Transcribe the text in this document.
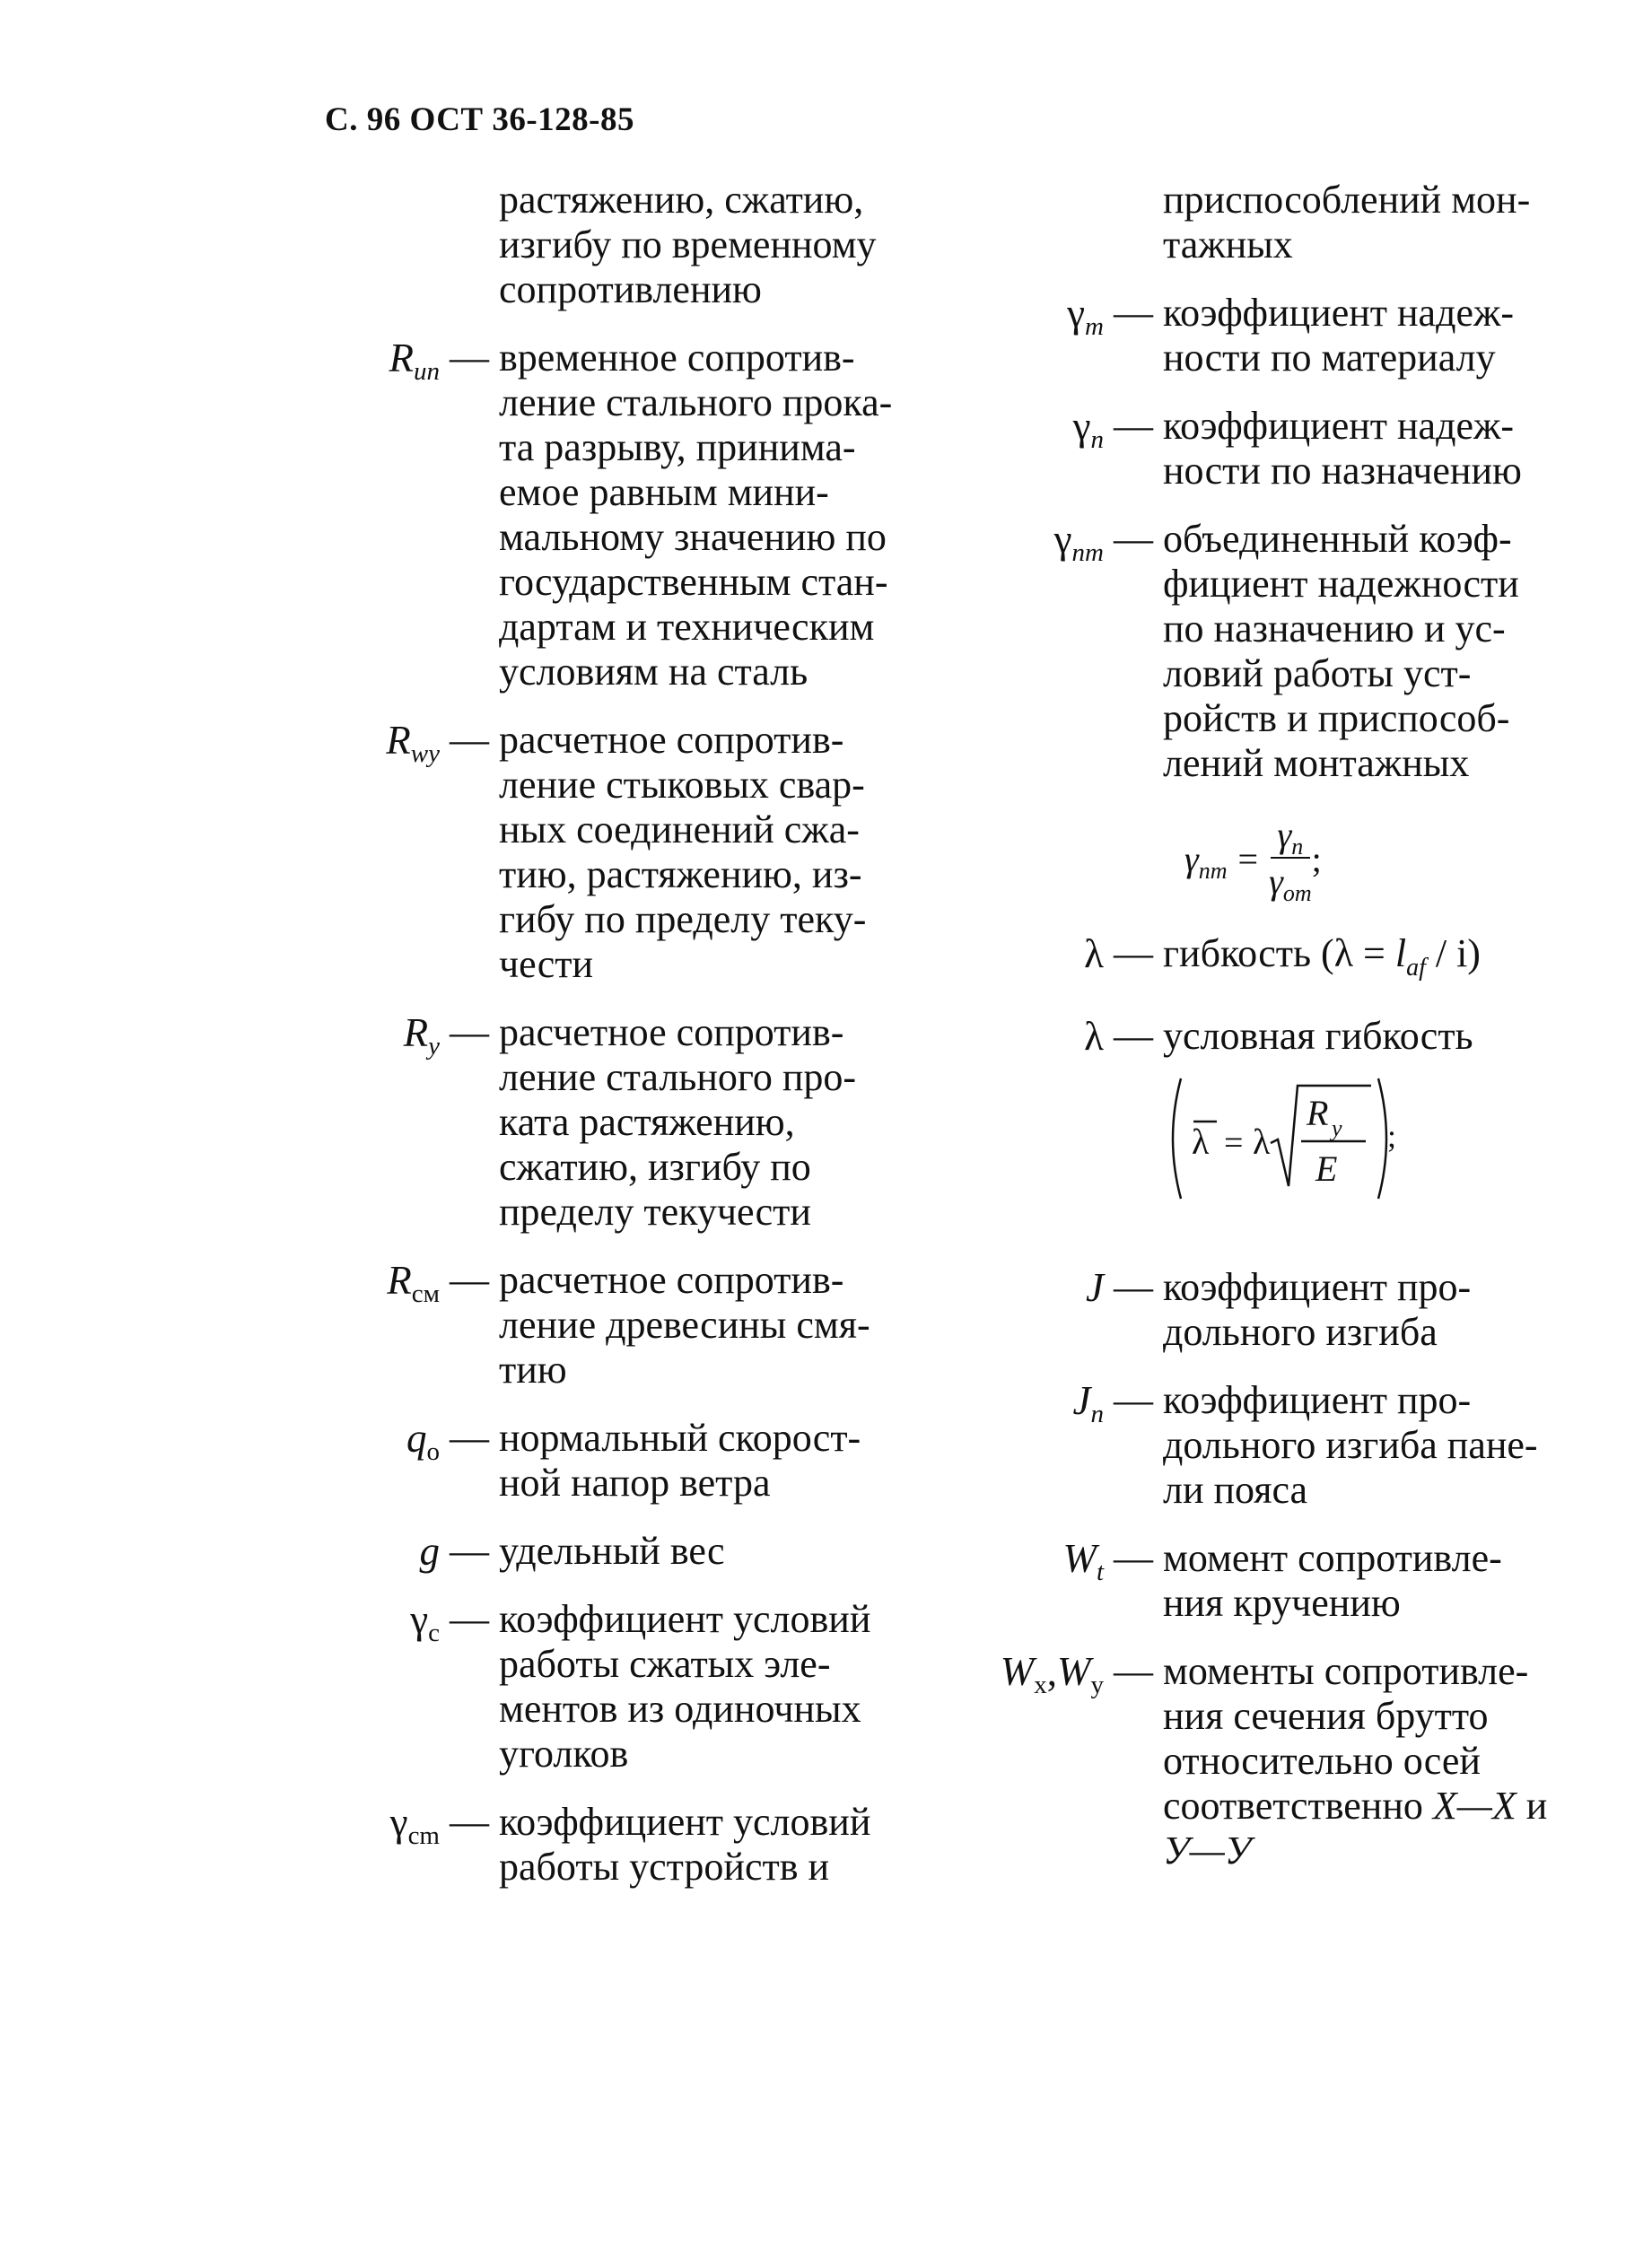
С. 96 ОСТ 36-128-85
растяжению, сжатию,
изгибу по временному
сопротивлению
$R_{un}$ — временное сопротив-
ление стального прока-
та разрыву, принима-
емое равным мини-
мальному значению по
государственным стан-
дартам и техническим
условиям на сталь
$R_{wy}$ — расчетное сопротив-
ление стыковых свар-
ных соединений сжа-
тию, растяжению, из-
гибу по пределу теку-
чести
$R_y$ — расчетное сопротив-
ление стального про-
ката растяжению,
сжатию, изгибу по
пределу текучести
$R_{см}$ — расчетное сопротив-
ление древесины смя-
тию
$q_o$ — нормальный скорост-
ной напор ветра
g — удельный вес
$\gamma_c$ — коэффициент условий
работы сжатых эле-
ментов из одиночных
уголков
$\gamma_{cm}$ — коэффициент условий
работы устройств и
приспособлений мон-
тажных
$\gamma_m$ — коэффициент надеж-
ности по материалу
$\gamma_n$ — коэффициент надеж-
ности по назначению
$\gamma_{nm}$ — объединенный коэф-
фициент надежности
по назначению и ус-
ловий работы уст-
ройств и приспособ-
лений монтажных
$\gamma_{nm} = \frac{\gamma_n}{\gamma_{om}}$ ;
λ — гибкость $(\lambda = l_{af} / i)$
λ — условная гибкость
λ = λ
R y
E
;
J — коэффициент про-
дольного изгиба
$J_n$ — коэффициент про-
дольного изгиба пане-
ли пояса
$W_t$ — момент сопротивле-
ния кручению
$W_x,W_y$ — моменты сопротивле-
ния сечения брутто
относительно осей
соответственно X—X и
У—У
